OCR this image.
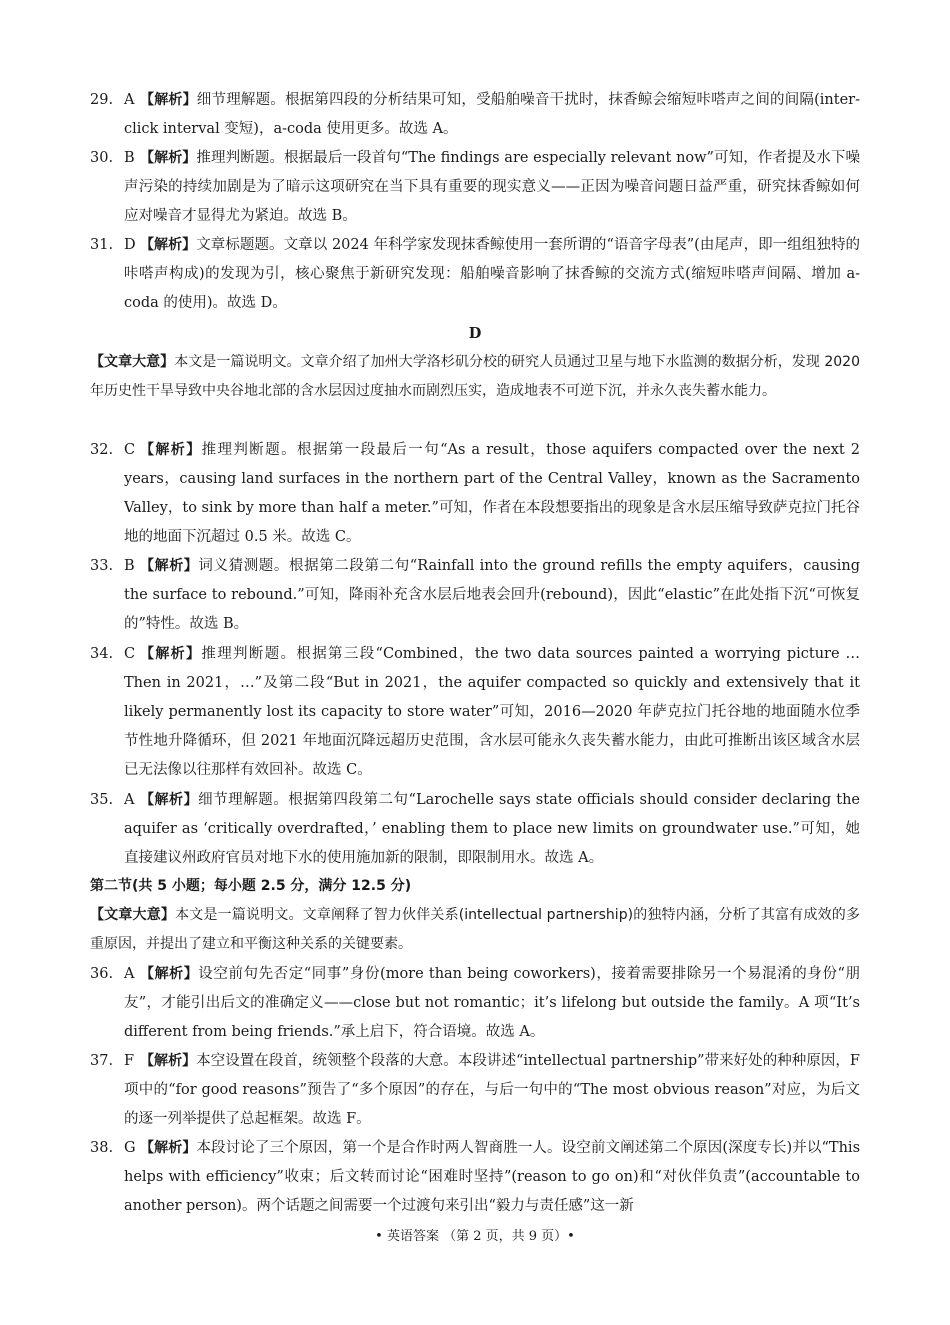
29. A 【解析】细节理解题。根据第四段的分析结果可知，受船舶噪音干扰时，抹香鲸会缩短咔嗒声之间的间隔(inter-click interval 变短)，a-coda 使用更多。故选 A。
30. B 【解析】推理判断题。根据最后一段首句“The findings are especially relevant now”可知，作者提及水下噪声污染的持续加剧是为了暗示这项研究在当下具有重要的现实意义——正因为噪音问题日益严重，研究抹香鲸如何应对噪音才显得尤为紧迫。故选 B。
31. D 【解析】文章标题题。文章以 2024 年科学家发现抹香鲸使用一套所谓的“语音字母表”(由尾声，即一组组独特的咔嗒声构成)的发现为引，核心聚焦于新研究发现：船舶噪音影响了抹香鲸的交流方式(缩短咔嗒声间隔、增加 a-coda 的使用)。故选 D。
D
【文章大意】本文是一篇说明文。文章介绍了加州大学洛杉矶分校的研究人员通过卫星与地下水监测的数据分析，发现 2020 年历史性干旱导致中央谷地北部的含水层因过度抽水而剧烈压实，造成地表不可逆下沉，并永久丧失蓄水能力。
32. C 【解析】推理判断题。根据第一段最后一句“As a result，those aquifers compacted over the next 2 years，causing land surfaces in the northern part of the Central Valley，known as the Sacramento Valley，to sink by more than half a meter.”可知，作者在本段想要指出的现象是含水层压缩导致萨克拉门托谷地的地面下沉超过 0.5 米。故选 C。
33. B 【解析】词义猜测题。根据第二段第二句“Rainfall into the ground refills the empty aquifers，causing the surface to rebound.”可知，降雨补充含水层后地表会回升(rebound)，因此“elastic”在此处指下沉“可恢复的”特性。故选 B。
34. C 【解析】推理判断题。根据第三段“Combined，the two data sources painted a worrying picture … Then in 2021，…”及第二段“But in 2021，the aquifer compacted so quickly and extensively that it likely permanently lost its capacity to store water”可知，2016—2020 年萨克拉门托谷地的地面随水位季节性地升降循环，但 2021 年地面沉降远超历史范围，含水层可能永久丧失蓄水能力，由此可推断出该区域含水层已无法像以往那样有效回补。故选 C。
35. A 【解析】细节理解题。根据第四段第二句“Larochelle says state officials should consider declaring the aquifer as ‘critically overdrafted，’ enabling them to place new limits on groundwater use.”可知，她直接建议州政府官员对地下水的使用施加新的限制，即限制用水。故选 A。
第二节(共 5 小题；每小题 2.5 分，满分 12.5 分)
【文章大意】本文是一篇说明文。文章阐释了智力伙伴关系(intellectual partnership)的独特内涵，分析了其富有成效的多重原因，并提出了建立和平衡这种关系的关键要素。
36. A 【解析】设空前句先否定“同事”身份(more than being coworkers)，接着需要排除另一个易混淆的身份“朋友”，才能引出后文的准确定义——close but not romantic；it’s lifelong but outside the family。A 项“It’s different from being friends.”承上启下，符合语境。故选 A。
37. F 【解析】本空设置在段首，统领整个段落的大意。本段讲述“intellectual partnership”带来好处的种种原因，F 项中的“for good reasons”预告了“多个原因”的存在，与后一句中的“The most obvious reason”对应，为后文的逐一列举提供了总起框架。故选 F。
38. G 【解析】本段讨论了三个原因，第一个是合作时两人智商胜一人。设空前文阐述第二个原因(深度专长)并以“This helps with efficiency”收束；后文转而讨论“困难时坚持”(reason to go on)和“对伙伴负责”(accountable to another person)。两个话题之间需要一个过渡句来引出“毅力与责任感”这一新
• 英语答案 （第 2 页，共 9 页）•
